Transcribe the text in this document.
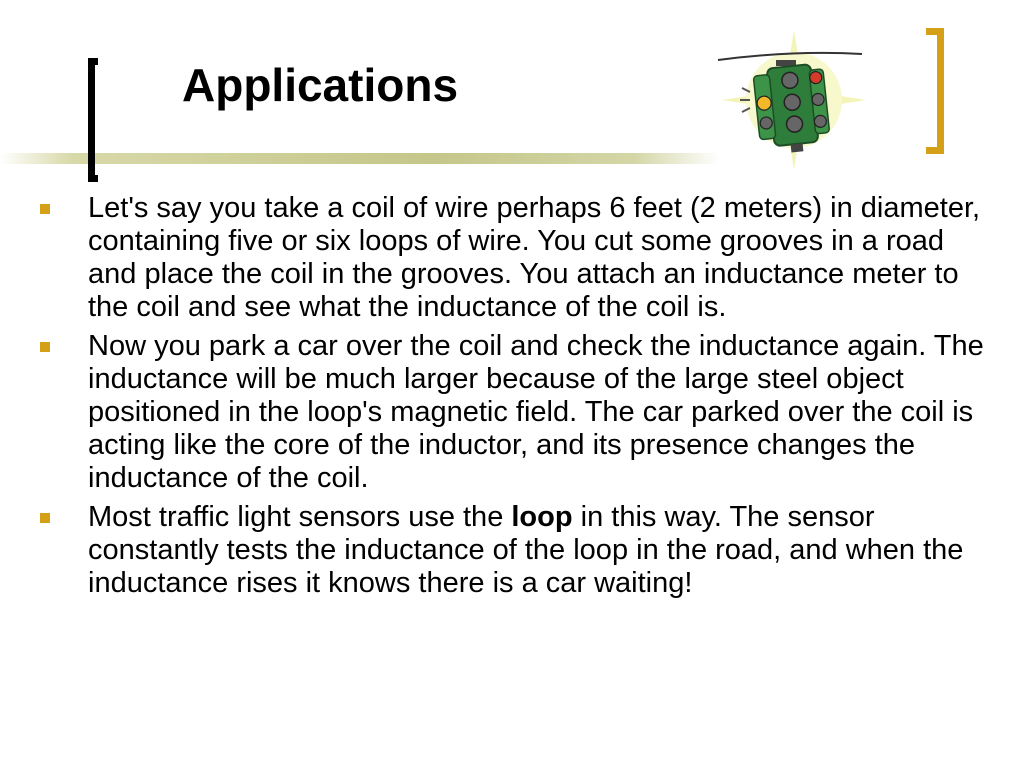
Applications
Let's say you take a coil of wire perhaps 6 feet (2 meters) in diameter, containing five or six loops of wire. You cut some grooves in a road and place the coil in the grooves. You attach an inductance meter to the coil and see what the inductance of the coil is.
Now you park a car over the coil and check the inductance again. The inductance will be much larger because of the large steel object positioned in the loop's magnetic field. The car parked over the coil is acting like the core of the inductor, and its presence changes the inductance of the coil.
Most traffic light sensors use the loop in this way. The sensor constantly tests the inductance of the loop in the road, and when the inductance rises it knows there is a car waiting!
